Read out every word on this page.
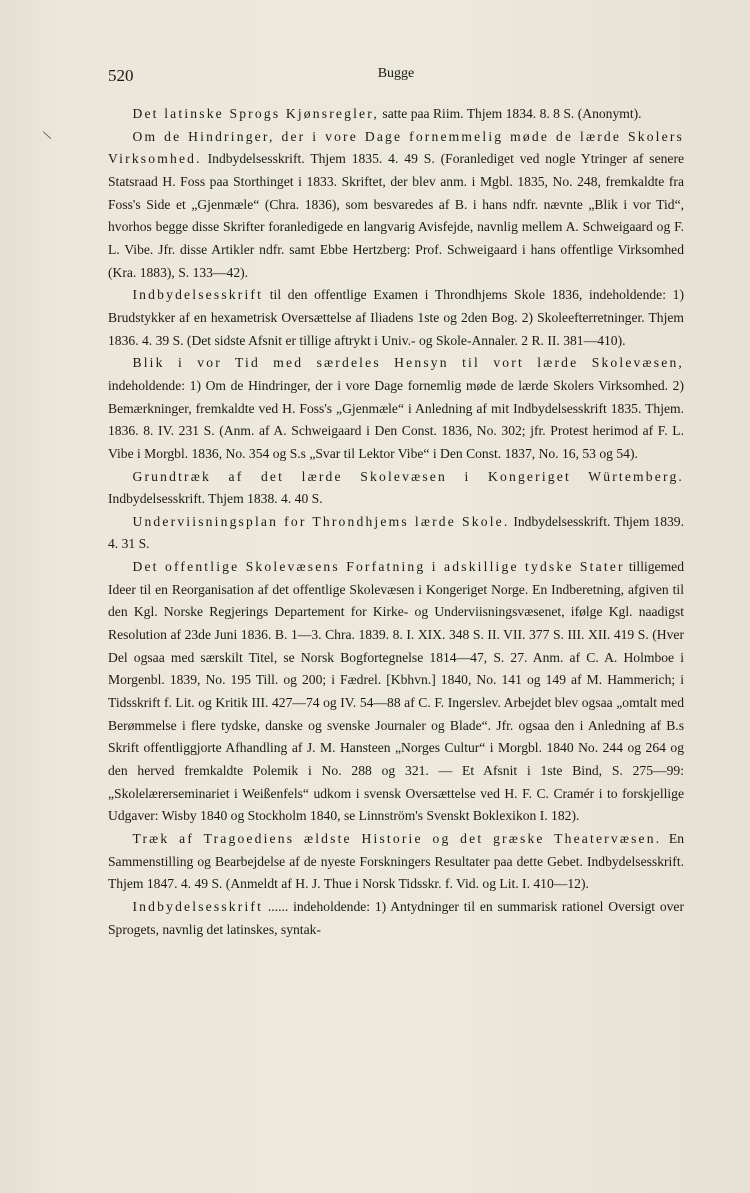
\
520	Bugge

Det latinske Sprogs Kjønsregler, satte paa Riim. Thjem 1834. 8. 8 S. (Anonymt).

Om de Hindringer, der i vore Dage fornemmelig møde de lærde Skolers Virksomhed. Indbydelsesskrift. Thjem 1835. 4. 49 S. (Foranlediget ved nogle Ytringer af senere Statsraad H. Foss paa Storthinget i 1833. Skriftet, der blev anm. i Mgbl. 1835, No. 248, fremkaldte fra Foss's Side et „Gjenmæle“ (Chra. 1836), som besvaredes af B. i hans ndfr. nævnte „Blik i vor Tid“, hvorhos begge disse Skrifter foranledigede en langvarig Avisfejde, navnlig mellem A. Schweigaard og F. L. Vibe. Jfr. disse Artikler ndfr. samt Ebbe Hertzberg: Prof. Schweigaard i hans offentlige Virksomhed (Kra. 1883), S. 133—42).

Indbydelsesskrift til den offentlige Examen i Throndhjems Skole 1836, indeholdende: 1) Brudstykker af en hexametrisk Oversættelse af Iliadens 1ste og 2den Bog. 2) Skoleefterretninger. Thjem 1836. 4. 39 S. (Det sidste Afsnit er tillige aftrykt i Univ.- og Skole-Annaler. 2 R. II. 381—410).

Blik i vor Tid med særdeles Hensyn til vort lærde Skolevæsen, indeholdende: 1) Om de Hindringer, der i vore Dage fornemlig møde de lærde Skolers Virksomhed. 2) Bemærkninger, fremkaldte ved H. Foss's „Gjenmæle“ i Anledning af mit Indbydelsesskrift 1835. Thjem. 1836. 8. IV. 231 S. (Anm. af A. Schweigaard i Den Const. 1836, No. 302; jfr. Protest herimod af F. L. Vibe i Morgbl. 1836, No. 354 og S.s „Svar til Lektor Vibe“ i Den Const. 1837, No. 16, 53 og 54).

Grundtræk af det lærde Skolevæsen i Kongeriget Würtemberg. Indbydelsesskrift. Thjem 1838. 4. 40 S.

Underviisningsplan for Throndhjems lærde Skole. Indbydelsesskrift. Thjem 1839. 4. 31 S.

Det offentlige Skolevæsens Forfatning i adskillige tydske Stater tilligemed Ideer til en Reorganisation af det offentlige Skolevæsen i Kongeriget Norge. En Indberetning, afgiven til den Kgl. Norske Regjerings Departement for Kirke- og Underviisningsvæsenet, ifølge Kgl. naadigst Resolution af 23de Juni 1836. B. 1—3. Chra. 1839. 8. I. XIX. 348 S. II. VII. 377 S. III. XII. 419 S. (Hver Del ogsaa med særskilt Titel, se Norsk Bogfortegnelse 1814—47, S. 27. Anm. af C. A. Holmboe i Morgenbl. 1839, No. 195 Till. og 200; i Fædrel. [Kbhvn.] 1840, No. 141 og 149 af M. Hammerich; i Tidsskrift f. Lit. og Kritik III. 427—74 og IV. 54—88 af C. F. Ingerslev. Arbejdet blev ogsaa „omtalt med Berømmelse i flere tydske, danske og svenske Journaler og Blade“. Jfr. ogsaa den i Anledning af B.s Skrift offentliggjorte Afhandling af J. M. Hansteen „Norges Cultur“ i Morgbl. 1840 No. 244 og 264 og den herved fremkaldte Polemik i No. 288 og 321. — Et Afsnit i 1ste Bind, S. 275—99: „Skolelærerseminariet i Weißenfels“ udkom i svensk Oversættelse ved H. F. C. Cramér i to forskjellige Udgaver: Wisby 1840 og Stockholm 1840, se Linnström's Svenskt Boklexikon I. 182).

Træk af Tragoediens ældste Historie og det græske Theatervæsen. En Sammenstilling og Bearbejdelse af de nyeste Forskningers Resultater paa dette Gebet. Indbydelsesskrift. Thjem 1847. 4. 49 S. (Anmeldt af H. J. Thue i Norsk Tidsskr. f. Vid. og Lit. I. 410—12).

Indbydelsesskrift ...... indeholdende: 1) Antydninger til en summarisk rationel Oversigt over Sprogets, navnlig det latinskes, syntak-
